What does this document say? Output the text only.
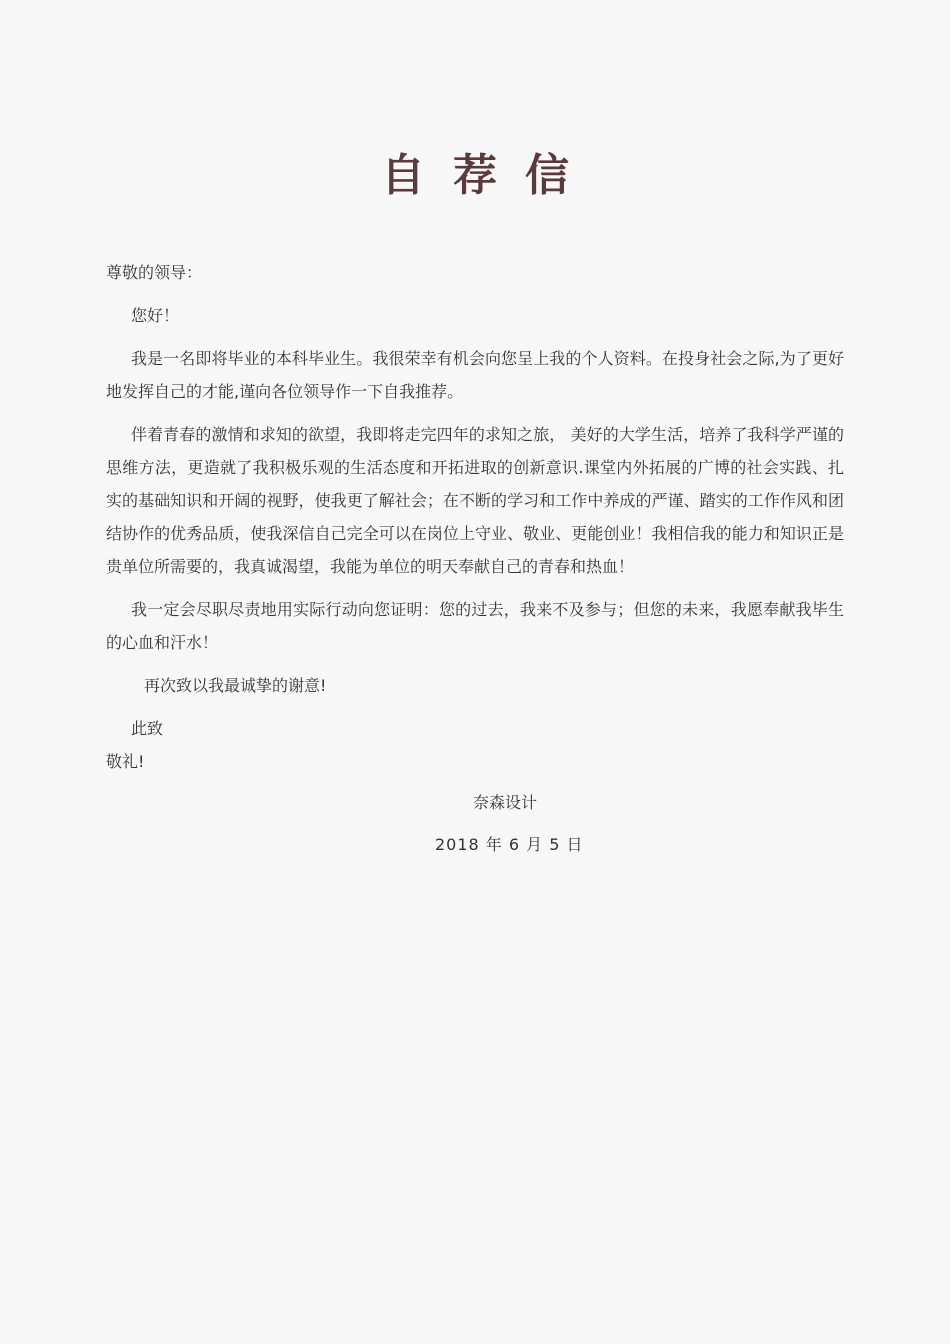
自荐信

尊敬的领导：

您好！

我是一名即将毕业的本科毕业生。我很荣幸有机会向您呈上我的个人资料。在投身社会之际,为了更好地发挥自己的才能,谨向各位领导作一下自我推荐。

伴着青春的激情和求知的欲望，我即将走完四年的求知之旅， 美好的大学生活，培养了我科学严谨的思维方法，更造就了我积极乐观的生活态度和开拓进取的创新意识.课堂内外拓展的广博的社会实践、扎实的基础知识和开阔的视野，使我更了解社会；在不断的学习和工作中养成的严谨、踏实的工作作风和团结协作的优秀品质，使我深信自己完全可以在岗位上守业、敬业、更能创业！我相信我的能力和知识正是贵单位所需要的，我真诚渴望，我能为单位的明天奉献自己的青春和热血！

我一定会尽职尽责地用实际行动向您证明：您的过去，我来不及参与；但您的未来，我愿奉献我毕生的心血和汗水！

再次致以我最诚挚的谢意!

此致

敬礼!

奈森设计
2018 年 6 月 5 日
